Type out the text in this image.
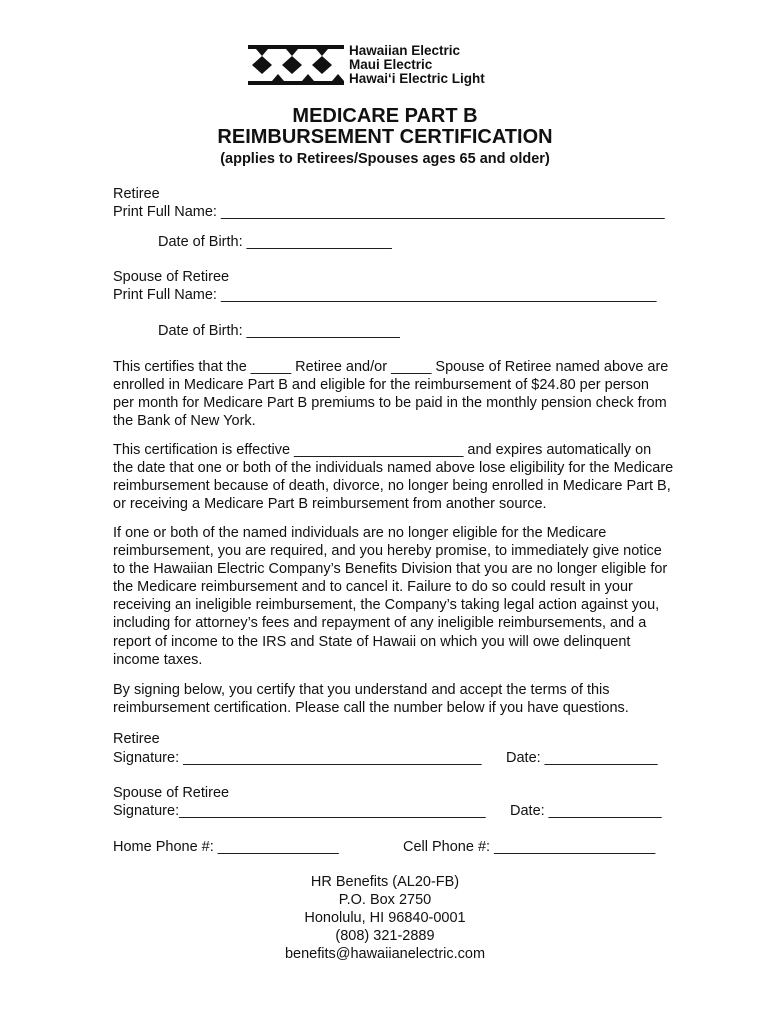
Hawaiian Electric
Maui Electric
Hawai‘i Electric Light
MEDICARE PART B
REIMBURSEMENT CERTIFICATION
(applies to Retirees/Spouses ages 65 and older)
Retiree
Print Full Name: _______________________________________________________
Date of Birth: __________________
Spouse of Retiree
Print Full Name: ______________________________________________________
Date of Birth: ___________________
This certifies that the _____ Retiree and/or _____ Spouse of Retiree named above are
enrolled in Medicare Part B and eligible for the reimbursement of $24.80 per person
per month for Medicare Part B premiums to be paid in the monthly pension check from
the Bank of New York.
This certification is effective _____________________ and expires automatically on
the date that one or both of the individuals named above lose eligibility for the Medicare
reimbursement because of death, divorce, no longer being enrolled in Medicare Part B,
or receiving a Medicare Part B reimbursement from another source.
If one or both of the named individuals are no longer eligible for the Medicare
reimbursement, you are required, and you hereby promise, to immediately give notice
to the Hawaiian Electric Company’s Benefits Division that you are no longer eligible for
the Medicare reimbursement and to cancel it. Failure to do so could result in your
receiving an ineligible reimbursement, the Company’s taking legal action against you,
including for attorney’s fees and repayment of any ineligible reimbursements, and a
report of income to the IRS and State of Hawaii on which you will owe delinquent
income taxes.
By signing below, you certify that you understand and accept the terms of this
reimbursement certification. Please call the number below if you have questions.
Retiree
Signature: _____________________________________ Date: ______________
Spouse of Retiree
Signature:______________________________________ Date: ______________
Home Phone #: _______________	Cell Phone #: ____________________
HR Benefits (AL20-FB)
P.O. Box 2750
Honolulu, HI 96840-0001
(808) 321-2889
benefits@hawaiianelectric.com
